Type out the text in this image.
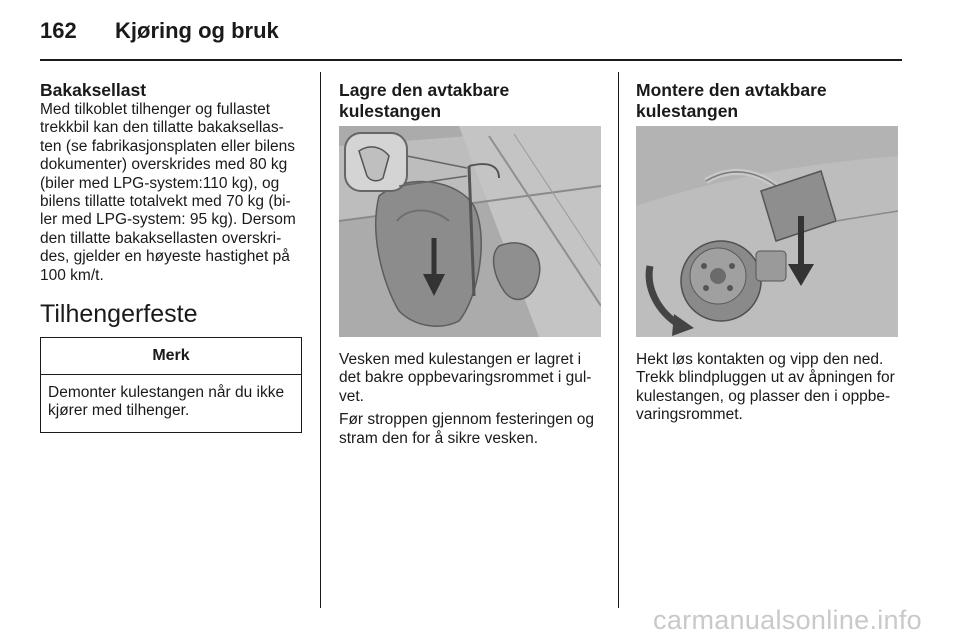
162 Kjøring og bruk
Bakaksellast

Med tilkoblet tilhenger og fullastet
trekkbil kan den tillatte bakaksellas-
ten (se fabrikasjonsplaten eller bilens
dokumenter) overskrides med 80 kg
(biler med LPG-system:110 kg), og
bilens tillatte totalvekt med 70 kg (bi-
ler med LPG-system: 95 kg). Dersom
den tillatte bakaksellasten overskri-
des, gjelder en høyeste hastighet på
100 km/t.

Tilhengerfeste
Merk
Demonter kulestangen når du ikke
kjører med tilhenger.
Lagre den avtakbare
kulestangen

Vesken med kulestangen er lagret i
det bakre oppbevaringsrommet i gul-
vet.

Før stroppen gjennom festeringen og
stram den for å sikre vesken.

Montere den avtakbare
kulestangen

Hekt løs kontakten og vipp den ned.
Trekk blindpluggen ut av åpningen for
kulestangen, og plasser den i oppbe-
varingsrommet.

carmanualsonline.info
